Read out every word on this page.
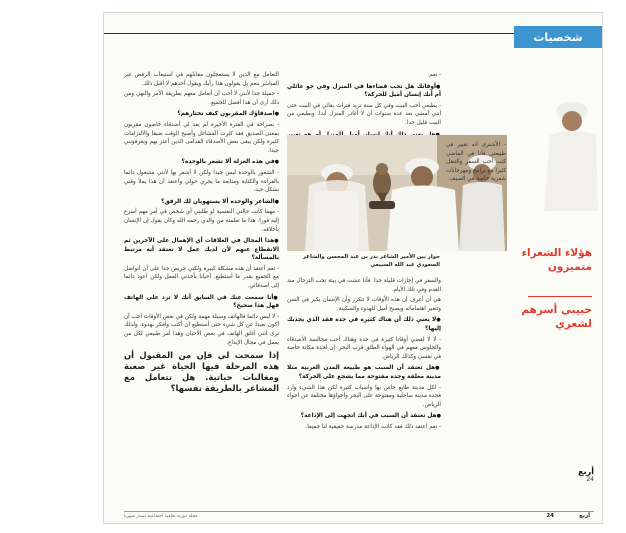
شخصيات
التعامل مع الذين لا يستعجلون مقابلهم في استيعاب الرفض غير المباشر بنعم بل يقولون هذا رأيك ويقول أحدهم لا أقبل ذلك.
- جميلة جدا لأنني لا أحب أن أتعامل معهم بطريقة الأمر والنهي ومن ذلك أرى أن هذا أفضل للجميع.
● اصدقاؤك المقربون كيف تختارهم؟
- بصراحة في الفترة الأخيرة لم يعد لي أصدقاء خاصون مقربون بمعنى الصديق فقد كثرت المشاغل وأصبح الوقت ضيقا والالتزامات كثيرة ولكن يبقى بعض الأصدقاء القدامى الذين أعتز بهم ويعرفونني جيدا.
● في هذه العزلة ألا تشعر بالوحدة؟
- الشعور بالوحدة ليس جيدا ولكن لا أشعر بها لأنني مشغول دائما بالقراءة والكتابة ومتابعة ما يجري حولي وأعتقد أن هذا يملأ وقتي بشكل جيد.
● الشاعر والوحدة ألا يستهويان لك الرفق؟
- مهما كانت حالتي النفسية لو طلبني أي شخص في أمر مهم أسرع إليه فورا. هذا ما تعلمته من والدي رحمه الله وكان يقول إن الإنسان بأخلاقه.
● هذا المجال في العلاقات أي الإهمال على الآخرين ثم الانقطاع عنهم لأن لديك عمل لا تعتقد أنه مرتبط بالمسألة؟
- نعم أعتقد أن هذه مشكلة كبيرة ولكني حريص جدا على أن أتواصل مع الجميع بقدر ما أستطيع. أحيانا يأخذني العمل ولكن أعود دائما إلى أصدقائي.
● أنا سمعت عنك في السابق أنك لا ترد على الهاتف فهل هذا صحيح؟
- لا ليس دائما فالهاتف وسيلة مهمة ولكن في بعض الأوقات أحب أن أكون بعيدا عن كل شيء حتى أستطيع أن أكتب وأفكر بهدوء. ولذلك ترى أنني أغلق الهاتف في بعض الأحيان وهذا أمر طبيعي لكل من يعمل في مجال الإبداع.
إذا سمحت لي فإن من المقبول أن هذه المرحلة فيها الحياة غير صعبة ومغالبات حياتية. هل تتعامل مع المشاعر بالطريقة نفسها؟
- نعم.
● أوقاتك هل تحب قضاءها في المنزل وفي جو عائلي أم أنك إنسان أميل للحركة؟
- بطبعي أحب البيت وفي كل سنة نزيد فترات بقائي في البيت حتى أنني أمضي بعد عدة سنوات أن لا أغادر المنزل أبدا. وبطبعي من البيت قليل جدا.
●
حوار بين الأمير الشاعر بدر بن عبد المحسن والشاعر السعودي عبد الله السبيعي
- الأشترى أنه تغيير في طبيعتي فأنا في الماضي كنت أحب السفر والتنقل كثيرا مع برامج ومهرجانات شعرية خاصة في الصيف.
والسفر في إجازات قليلة جدا. فأنا عشت في بيئة تحب الترحال منذ القدم وفي تلك الأيام.
هي أن أعرف أن هذه الأوقات لا تتكرر وأن الإنسان يكبر في السن وتتغير اهتماماته ويصبح أميل للهدوء والسكينة.
● لا يعني ذلك أن هناك كثيرة في جدة فقد الذي يجذبك إليها؟
- لا لا لقضي أوقاتا كثيرة في جدة وهناك أحب مجالسة الأصدقاء والجلوس معهم في الهواء الطلق قرب البحر. إن لجدة مكانة خاصة في نفسي وكذلك الرياض.
● هل تعتقد أن السبب هو طبيعة المدن العربية مثلا مدينة مغلقة وجدة مفتوحة مما يشجع على الحركة؟
- لكل مدينة طابع خاص بها وأسباب كثيرة لكن هذا الشيء وارد فجدة مدينة ساحلية ومفتوحة على البحر وأجواؤها مختلفة عن أجواء الرياض.
● هل تعتقد أن السبب في أنك اتجهت إلى الإذاعة؟
- نعم أعتقد ذلك فقد كانت الإذاعة مدرسة حقيقية لنا جميعا.
هؤلاء الشعراء متميزون
حبيبي أسرهم لشعري
أربع
24
مجلة دورية ثقافية اجتماعية تصدر شهريا	24	أربع
